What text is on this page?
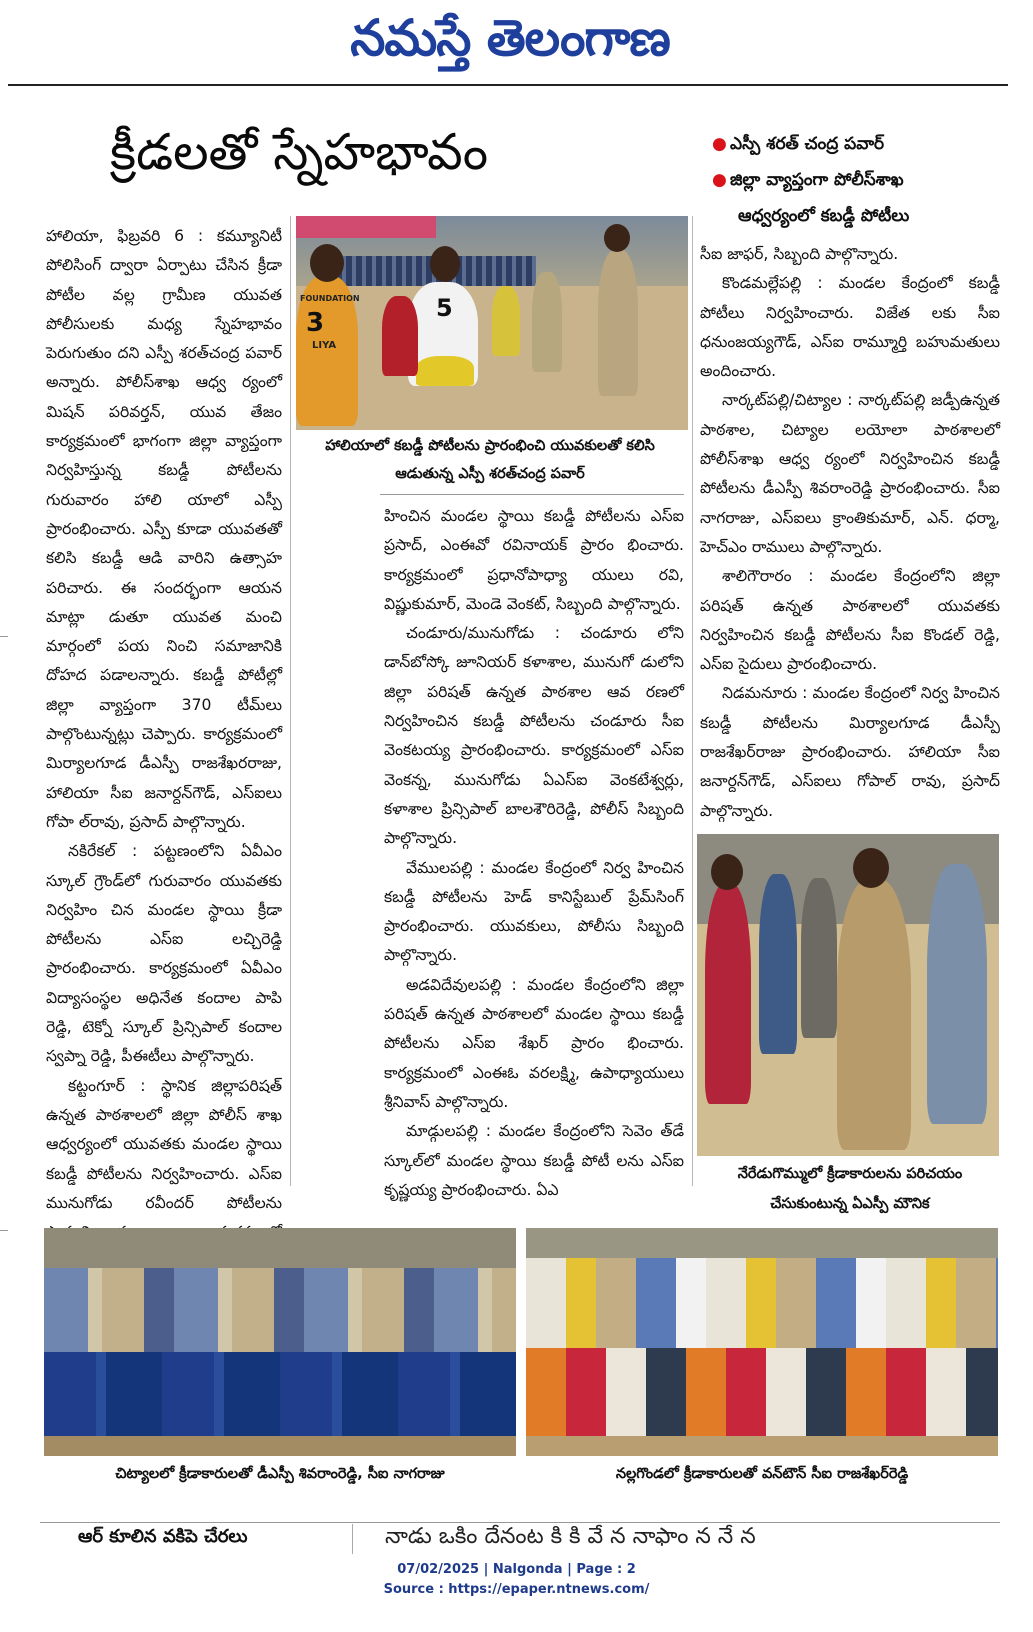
నమస్తే తెలంగాణ
క్రీడలతో స్నేహభావం	● ఎస్పీ శరత్‌ చంద్ర పవార్‌
● జిల్లా వ్యాప్తంగా పోలీస్‌శాఖ
ఆధ్వర్యంలో కబడ్డీ పోటీలు
3
FOUNDATION
LIYA
5
హాలియాలో కబడ్డీ పోటీలను ప్రారంభించి యువకులతో కలిసి
ఆడుతున్న ఎస్పీ శరత్‌చంద్ర పవార్‌

హాలియా, ఫిబ్రవరి 6 : కమ్యూనిటీ పోలిసింగ్‌ ద్వారా ఏర్పాటు చేసిన క్రీడా పోటీల వల్ల గ్రామీణ యువత పోలీసులకు మధ్య స్నేహభావం పెరుగుతుం దని ఎస్పీ శరత్‌చంద్ర పవార్‌ అన్నారు. పోలీస్‌శాఖ ఆధ్వ ర్యంలో మిషన్‌ పరివర్తన్‌, యువ తేజం కార్యక్రమంలో భాగంగా జిల్లా వ్యాప్తంగా నిర్వహిస్తున్న కబడ్డీ పోటీలను గురువారం హాలి యాలో ఎస్పీ ప్రారంభించారు. ఎస్పీ కూడా యువతతో కలిసి కబడ్డీ ఆడి వారిని ఉత్సాహ పరిచారు. ఈ సందర్భంగా ఆయన మాట్లా డుతూ యువత మంచి మార్గంలో పయ నించి సమాజానికి దోహద పడాలన్నారు. కబడ్డీ పోటీల్లో జిల్లా వ్యాప్తంగా 370 టీమ్‌లు పాల్గొంటున్నట్లు చెప్పారు. కార్యక్రమంలో మిర్యాలగూడ డీఎస్పీ రాజశేఖరరాజు, హాలియా సీఐ జనార్దన్‌గౌడ్‌, ఎస్‌ఐలు గోపా ల్‌రావు, ప్రసాద్‌ పాల్గొన్నారు.

నకిరేకల్‌ : పట్టణంలోని ఏవీఎం స్కూల్‌ గ్రౌండ్‌లో గురువారం యువతకు నిర్వహిం చిన మండల స్థాయి క్రీడా పోటీలను ఎస్‌ఐ లచ్చిరెడ్డి ప్రారంభించారు. కార్యక్రమంలో ఏవీఎం విద్యాసంస్థల అధినేత కందాల పాపి రెడ్డి, టెక్నో స్కూల్‌ ప్రిన్సిపాల్‌ కందాల స్వప్నా రెడ్డి, పీఈటీలు పాల్గొన్నారు.

కట్టంగూర్‌ : స్థానిక జిల్లాపరిషత్‌ ఉన్నత పాఠశాలలో జిల్లా పోలీస్‌ శాఖ ఆధ్వర్యంలో యువతకు మండల స్థాయి కబడ్డీ పోటీలను నిర్వహించారు. ఎస్‌ఐ మునుగోడు రవీందర్‌ పోటీలను

హించిన మండల స్థాయి కబడ్డీ పోటీలను ఎస్‌ఐ ప్రసాద్‌, ఎంఈవో రవినాయక్‌ ప్రారం భించారు. కార్యక్రమంలో ప్రధానోపాధ్యా యులు రవి, విష్ణుకుమార్‌, మెండె వెంకట్‌, సిబ్బంది పాల్గొన్నారు.

చండూరు/మునుగోడు : చండూరు లోని డాన్‌బోస్కో జూనియర్‌ కళాశాల, మునుగో డులోని జిల్లా పరిషత్‌ ఉన్నత పాఠశాల ఆవ రణలో నిర్వహించిన కబడ్డీ పోటీలను చండూరు సీఐ వెంకటయ్య ప్రారంభించారు. కార్యక్రమంలో ఎస్‌ఐ వెంకన్న, మునుగోడు ఏఎస్‌ఐ వెంకటేశ్వర్లు, కళాశాల ప్రిన్సిపాల్‌ బాలశౌరిరెడ్డి, పోలీస్‌ సిబ్బంది పాల్గొన్నారు.

వేములపల్లి : మండల కేంద్రంలో నిర్వ హించిన కబడ్డీ పోటీలను హెడ్‌ కానిస్టేబుల్‌ ప్రేమ్‌సింగ్‌ ప్రారంభించారు. యువకులు, పోలీసు సిబ్బంది పాల్గొన్నారు.

అడవిదేవులపల్లి : మండల కేంద్రంలోని జిల్లా పరిషత్‌ ఉన్నత పాఠశాలలో మండల స్థాయి కబడ్డీ పోటీలను ఎస్‌ఐ శేఖర్‌ ప్రారం భించారు. కార్యక్రమంలో ఎంఈఓ వరలక్ష్మి, ఉపాధ్యాయులు శ్రీనివాస్‌ పాల్గొన్నారు.

మాడ్గులపల్లి : మండల కేంద్రంలోని సెవెం త్‌డే స్కూల్‌లో మండల స్థాయి కబడ్డీ పోటీ లను ఎస్‌ఐ కృష్ణయ్య ప్రారంభించారు. ఏఎ

సీఐ జాఫర్‌, సిబ్బంది పాల్గొన్నారు.

కొండమల్లేపల్లి : మండల కేంద్రంలో కబడ్డీ పోటీలు నిర్వహించారు. విజేత లకు సీఐ ధనుంజయ్యగౌడ్‌, ఎస్‌ఐ రామ్మూర్తి బహుమతులు అందించారు.

నార్కట్‌పల్లి/చిట్యాల : నార్కట్‌పల్లి జడ్పీఉన్నత పాఠశాల, చిట్యాల లయోలా పాఠశాలలో పోలీస్‌శాఖ ఆధ్వ ర్యంలో నిర్వహించిన కబడ్డీ పోటీలను డీఎస్పీ శివరాంరెడ్డి ప్రారంభించారు. సీఐ నాగరాజు, ఎస్‌ఐలు క్రాంతికుమార్‌, ఎన్‌. ధర్మా, హెచ్‌ఎం రాములు పాల్గొన్నారు.

శాలిగౌరారం : మండల కేంద్రంలోని జిల్లా పరిషత్‌ ఉన్నత పాఠశాలలో యువతకు నిర్వహించిన కబడ్డీ పోటీలను సీఐ కొండల్‌ రెడ్డి, ఎస్‌ఐ సైదులు ప్రారంభించారు.

నిడమనూరు : మండల కేంద్రంలో నిర్వ హించిన కబడ్డీ పోటీలను మిర్యాలగూడ డీఎస్పీ రాజశేఖర్‌రాజు ప్రారంభించారు. హాలియా సీఐ జనార్దన్‌గౌడ్‌, ఎస్‌ఐలు గోపాల్‌ రావు, ప్రసాద్‌ పాల్గొన్నారు.

నేరేడుగొమ్ములో క్రీడాకారులను పరిచయం
చేసుకుంటున్న ఏఎస్పీ మౌనిక
చిట్యాలలో క్రీడాకారులతో డీఎస్పీ శివరాంరెడ్డి, సీఐ నాగరాజు	నల్లగొండలో క్రీడాకారులతో వన్‌టౌన్‌ సీఐ రాజశేఖర్‌రెడ్డి
ఆర్‌ కూలిన వకిపె చేరలు	నాడు ఒకిం దేనంట కి కి వే న నాఫాం న నే న
07/02/2025 | Nalgonda | Page : 2
Source : https://epaper.ntnews.com/
